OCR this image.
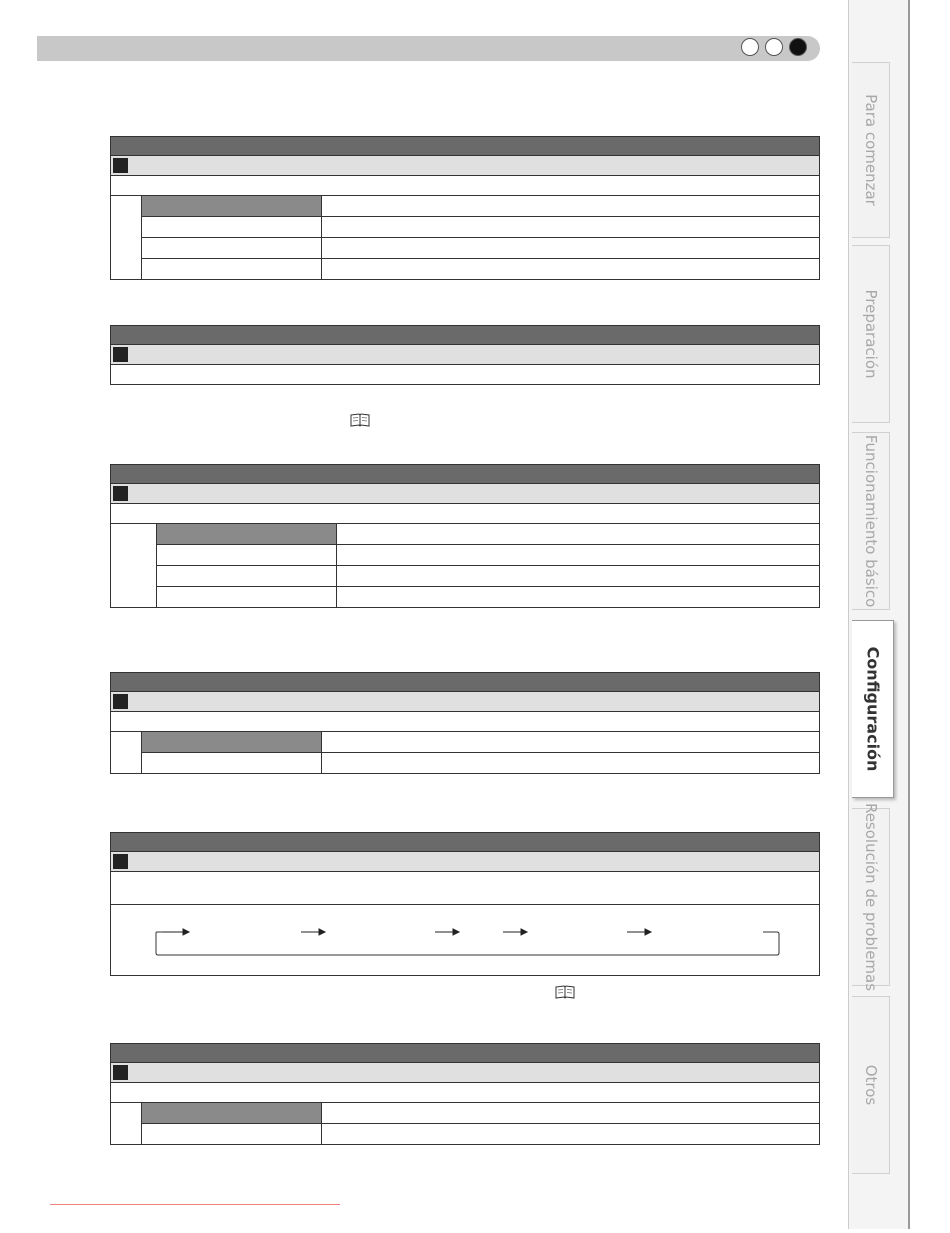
Para comenzar
Preparación
Funcionamiento básico
Configuración
Resolución de problemas
Otros
